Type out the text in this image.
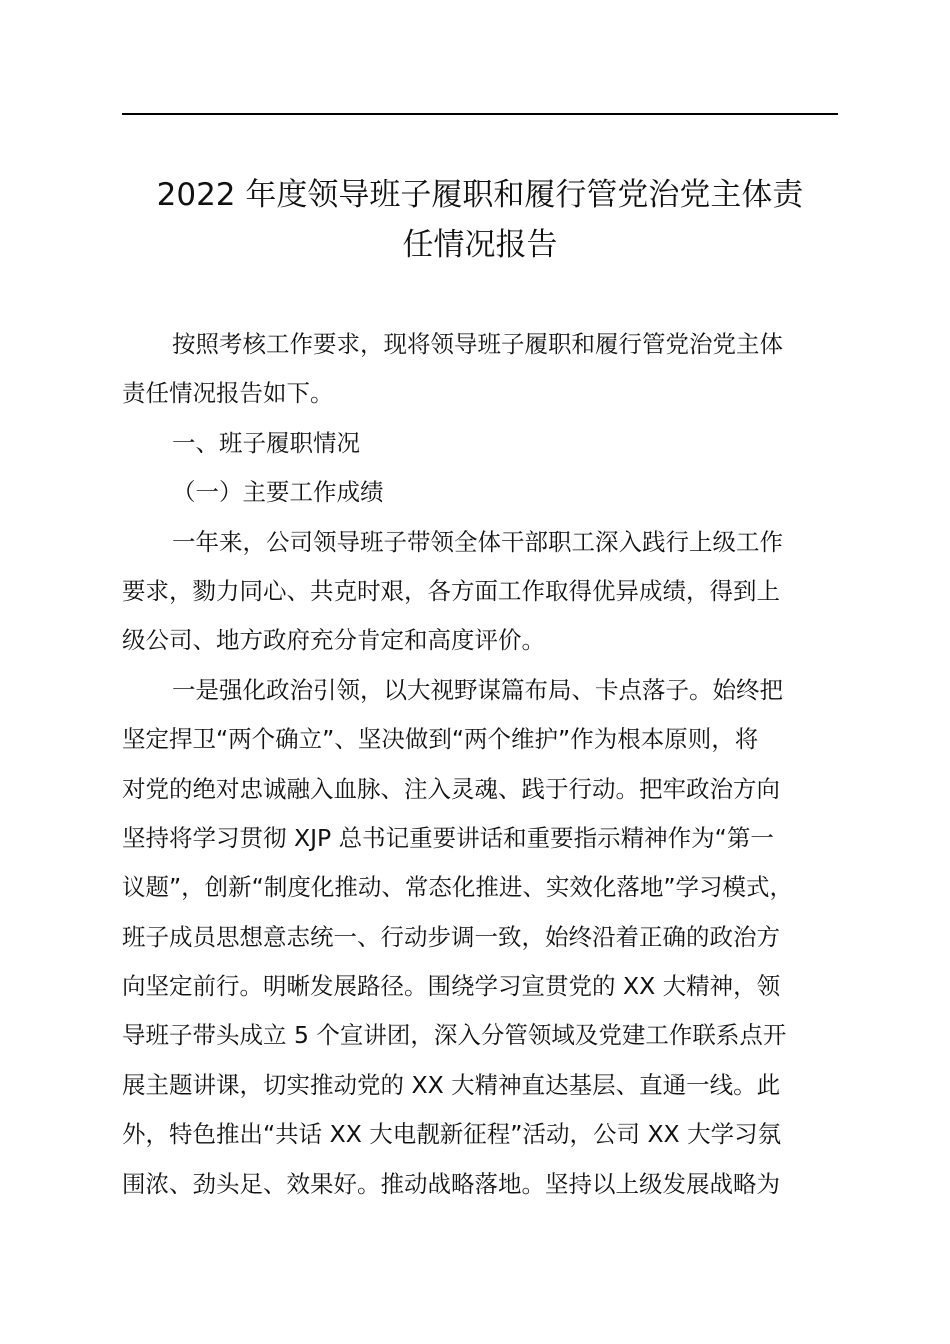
2022 年度领导班子履职和履行管党治党主体责
任情况报告
按照考核工作要求，现将领导班子履职和履行管党治党主体
责任情况报告如下。
一、班子履职情况
（一）主要工作成绩
一年来，公司领导班子带领全体干部职工深入践行上级工作
要求，勠力同心、共克时艰，各方面工作取得优异成绩，得到上
级公司、地方政府充分肯定和高度评价。
一是强化政治引领，以大视野谋篇布局、卡点落子。始终把
坚定捍卫“两个确立”、坚决做到“两个维护”作为根本原则，将
对党的绝对忠诚融入血脉、注入灵魂、践于行动。把牢政治方向
坚持将学习贯彻 XJP 总书记重要讲话和重要指示精神作为“第一
议题”，创新“制度化推动、常态化推进、实效化落地”学习模式，
班子成员思想意志统一、行动步调一致，始终沿着正确的政治方
向坚定前行。明晰发展路径。围绕学习宣贯党的 XX 大精神，领
导班子带头成立 5 个宣讲团，深入分管领域及党建工作联系点开
展主题讲课，切实推动党的 XX 大精神直达基层、直通一线。此
外，特色推出“共话 XX 大电靓新征程”活动，公司 XX 大学习氛
围浓、劲头足、效果好。推动战略落地。坚持以上级发展战略为
